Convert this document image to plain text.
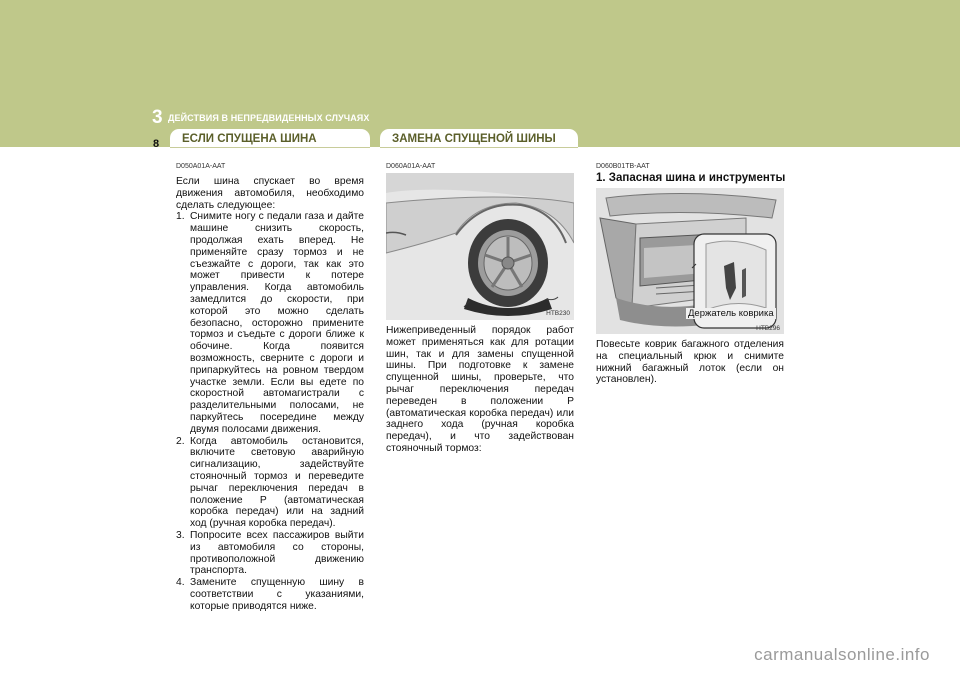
3 ДЕЙСТВИЯ В НЕПРЕДВИДЕННЫХ СЛУЧАЯХ
8	ЕСЛИ СПУЩЕНА ШИНА	ЗАМЕНА СПУЩЕНОЙ ШИНЫ
D050A01A-AAT

Если шина спускает во время движения автомобиля, необходимо сделать следующее:

1. Снимите ногу с педали газа и дайте машине снизить скорость, продолжая ехать вперед. Не применяйте сразу тормоз и не съезжайте с дороги, так как это может привести к потере управления. Когда автомобиль замедлится до скорости, при которой это можно сделать безопасно, осторожно примените тормоз и съедьте с дороги ближе к обочине. Когда появится возможность, сверните с дороги и припаркуйтесь на ровном твердом участке земли. Если вы едете по скоростной автомагистрали с разделительными полосами, не паркуйтесь посередине между двумя полосами движения.
2. Когда автомобиль остановится, включите световую аварийную сигнализацию, задействуйте стояночный тормоз и переведите рычаг переключения передач в положение P (автоматическая коробка передач) или на задний ход (ручная коробка передач).
3. Попросите всех пассажиров выйти из автомобиля со стороны, противоположной движению транспорта.
4. Замените спущенную шину в соответствии с указаниями, которые приводятся ниже.
D060A01A-AAT
HTB230

Нижеприведенный порядок работ может применяться как для ротации шин, так и для замены спущенной шины. При подготовке к замене спущенной шины, проверьте, что рычаг переключения передач переведен в положении P (автоматическая коробка передач) или заднего хода (ручная коробка передач), и что задействован стояночный тормоз:

D060B01TB-AAT
1. Запасная шина и инструменты
Держатель коврика
HTB296

Повесьте коврик багажного отделения на специальный крюк и снимите нижний багажный лоток (если он установлен).

carmanualsonline.info
